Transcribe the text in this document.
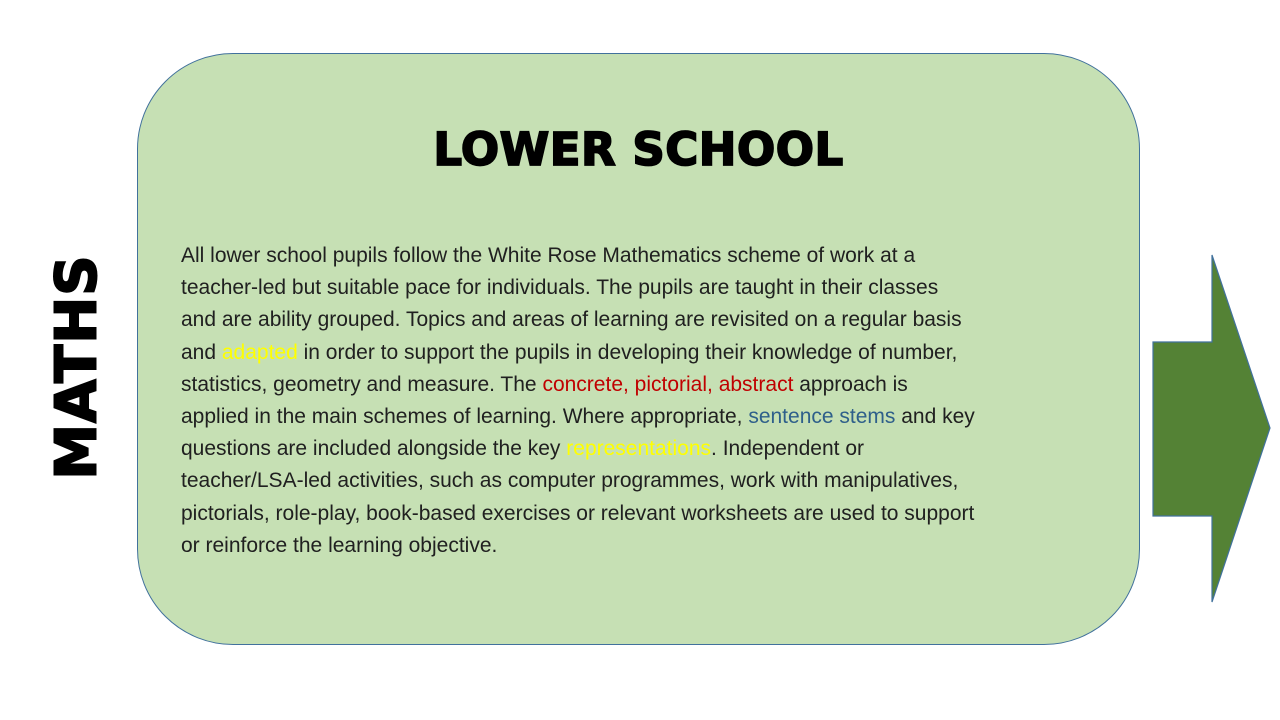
MATHS
LOWER SCHOOL
All lower school pupils follow the White Rose Mathematics scheme of work at a
teacher-led but suitable pace for individuals. The pupils are taught in their classes
and are ability grouped. Topics and areas of learning are revisited on a regular basis
and adapted in order to support the pupils in developing their knowledge of number,
statistics, geometry and measure. The concrete, pictorial, abstract approach is
applied in the main schemes of learning. Where appropriate, sentence stems and key
questions are included alongside the key representations. Independent or
teacher/LSA-led activities, such as computer programmes, work with manipulatives,
pictorials, role-play, book-based exercises or relevant worksheets are used to support
or reinforce the learning objective.
